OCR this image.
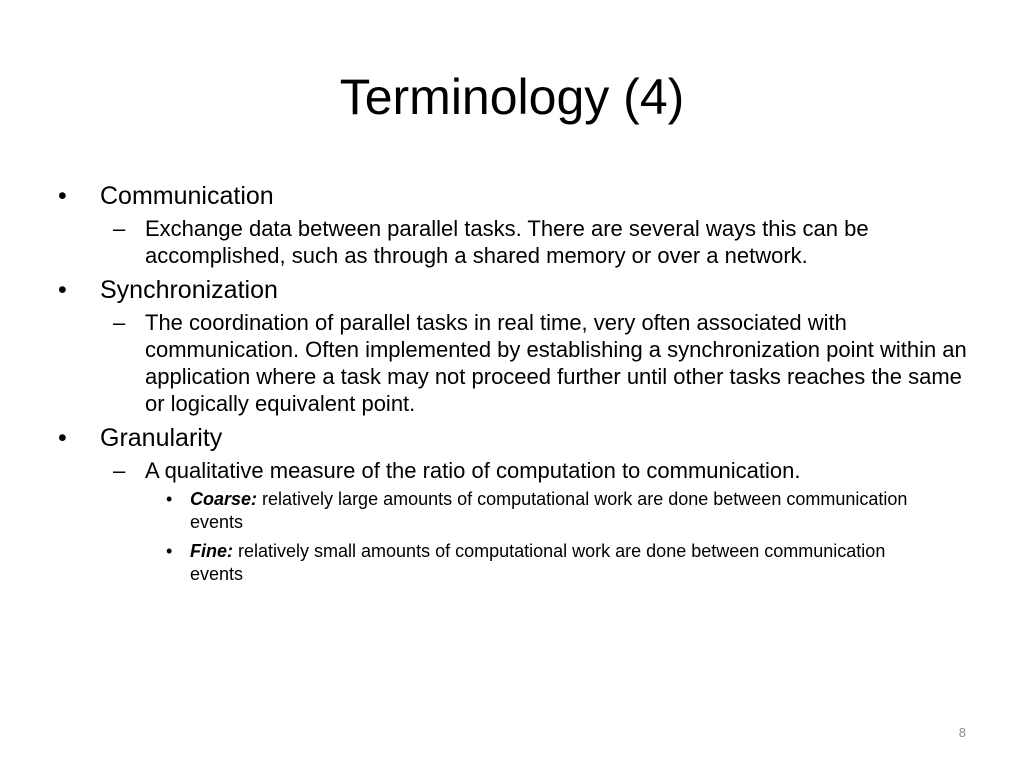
Terminology (4)
•	Communication
– Exchange data between parallel tasks. There are several ways this can be accomplished, such as through a shared memory or over a network.
•	Synchronization
– The coordination of parallel tasks in real time, very often associated with communication. Often implemented by establishing a synchronization point within an application where a task may not proceed further until other tasks reaches the same or logically equivalent point.
•	Granularity
– A qualitative measure of the ratio of computation to communication.
• Coarse: relatively large amounts of computational work are done between communication events
• Fine: relatively small amounts of computational work are done between communication events
8
